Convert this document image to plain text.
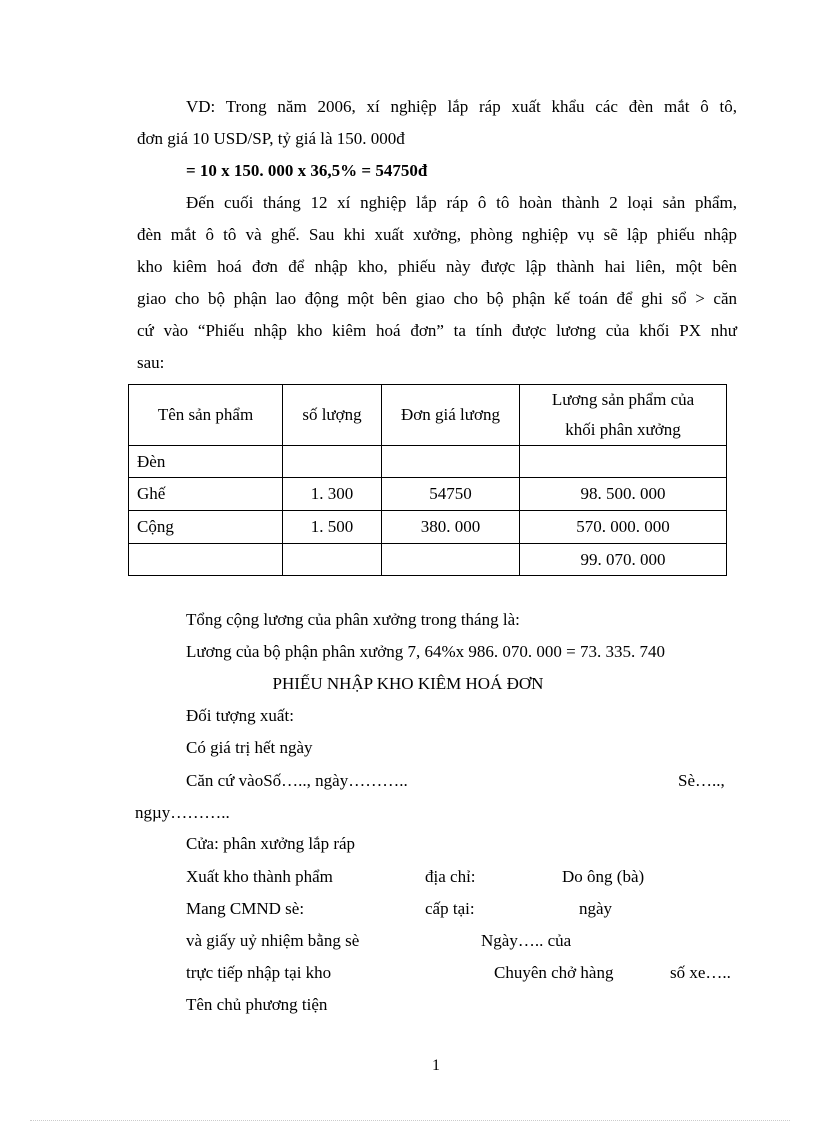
VD: Trong năm 2006, xí nghiệp lắp ráp xuất khẩu các đèn mắt ô tô,
đơn giá 10 USD/SP, tỷ giá là 150. 000đ
= 10 x 150. 000 x 36,5% = 54750đ
Đến cuối tháng 12 xí nghiệp lắp ráp ô tô hoàn thành 2 loại sản phẩm,
đèn mắt ô tô và ghế. Sau khi xuất xưởng, phòng nghiệp vụ sẽ lập phiếu nhập
kho kiêm hoá đơn để nhập kho, phiếu này được lập thành hai liên, một bên
giao cho bộ phận lao động một bên giao cho bộ phận kế toán để ghi sổ > căn
cứ vào “Phiếu nhập kho kiêm hoá đơn” ta tính được lương của khối PX như
sau:
Tên sản phẩm	số lượng	Đơn giá lương	Lương sản phẩm của
khối phân xưởng
Đèn			
Ghế	1. 300	54750	98. 500. 000
Cộng	1. 500	380. 000	570. 000. 000
			99. 070. 000
Tổng cộng lương của phân xưởng trong tháng là:
Lương của bộ phận phân xưởng 7, 64%x 986. 070. 000 = 73. 335. 740
PHIẾU NHẬP KHO KIÊM HOÁ ĐƠN
Đối tượng xuất:
Có giá trị hết ngày
Căn cứ vàoSố….., ngày………..	Sè…..,
ngµy………..
Cửa: phân xưởng lắp ráp
Xuất kho thành phẩm	địa chỉ:	Do ông (bà)
Mang CMND sè:	cấp tại:	ngày
và giấy uỷ nhiệm bằng sè	Ngày….. của
trực tiếp nhập tại kho	Chuyên chở hàng	số xe…..
Tên chủ phương tiện
1
